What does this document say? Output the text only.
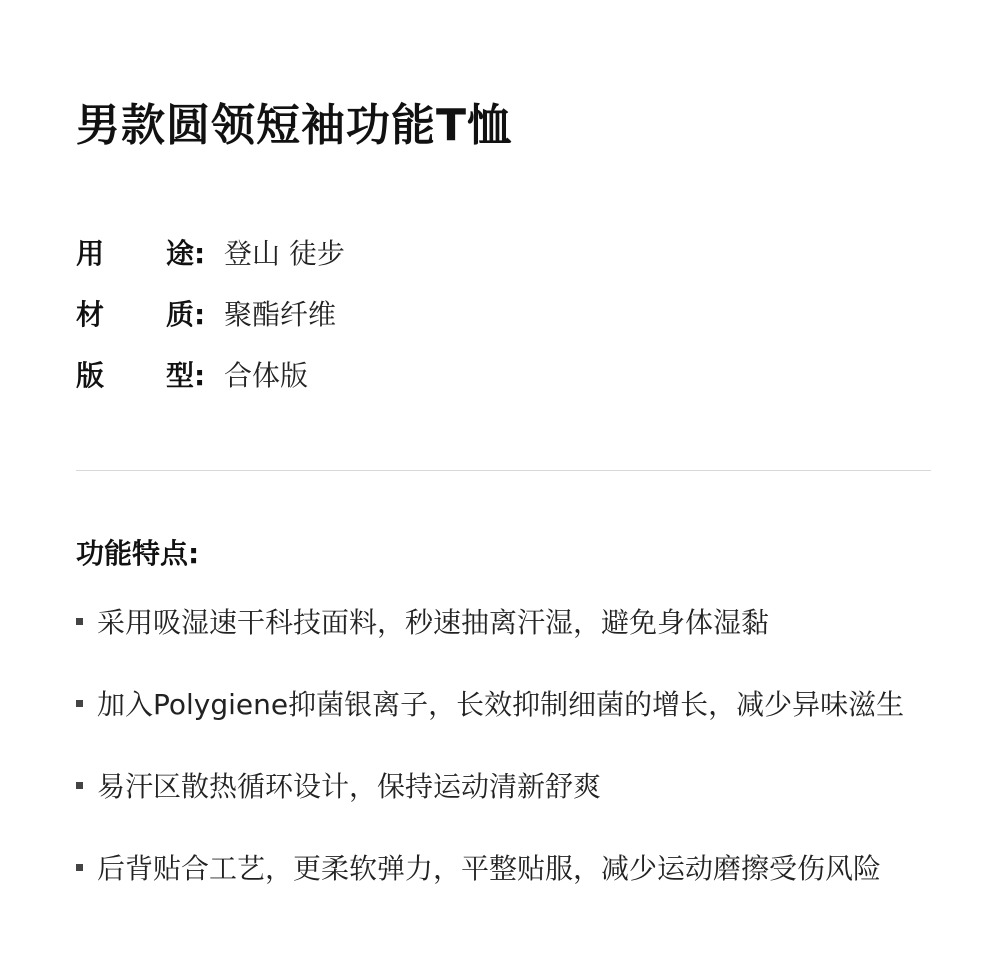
男款圆领短袖功能T恤
用 途: 登山 徒步
材 质: 聚酯纤维
版 型: 合体版
功能特点:
采用吸湿速干科技面料，秒速抽离汗湿，避免身体湿黏
加入Polygiene抑菌银离子，长效抑制细菌的增长，减少异味滋生
易汗区散热循环设计，保持运动清新舒爽
后背贴合工艺，更柔软弹力，平整贴服，减少运动磨擦受伤风险
